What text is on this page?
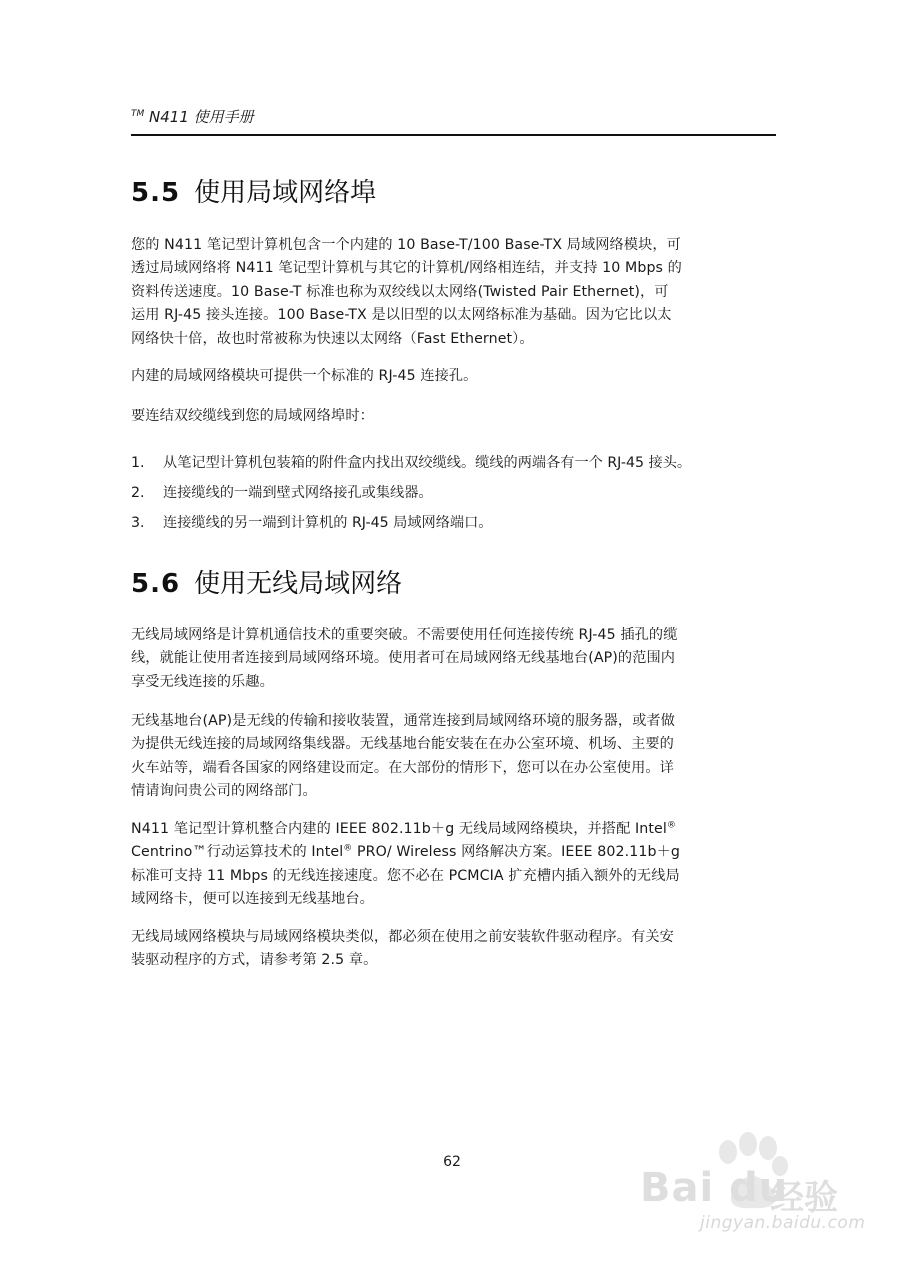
™ N411 使用手册
5.5 使用局域网络埠
您的 N411 笔记型计算机包含一个内建的 10 Base-T/100 Base-TX 局域网络模块，可
透过局域网络将 N411 笔记型计算机与其它的计算机/网络相连结，并支持 10 Mbps 的
资料传送速度。10 Base-T 标准也称为双绞线以太网络(Twisted Pair Ethernet)，可
运用 RJ-45 接头连接。100 Base-TX 是以旧型的以太网络标准为基础。因为它比以太
网络快十倍，故也时常被称为快速以太网络（Fast Ethernet）。
内建的局域网络模块可提供一个标准的 RJ-45 连接孔。
要连结双绞缆线到您的局域网络埠时：
1. 从笔记型计算机包装箱的附件盒内找出双绞缆线。缆线的两端各有一个 RJ-45 接头。
2. 连接缆线的一端到壁式网络接孔或集线器。
3. 连接缆线的另一端到计算机的 RJ-45 局域网络端口。
5.6 使用无线局域网络
无线局域网络是计算机通信技术的重要突破。不需要使用任何连接传统 RJ-45 插孔的缆
线，就能让使用者连接到局域网络环境。使用者可在局域网络无线基地台(AP)的范围内
享受无线连接的乐趣。
无线基地台(AP)是无线的传输和接收装置，通常连接到局域网络环境的服务器，或者做
为提供无线连接的局域网络集线器。无线基地台能安装在在办公室环境、机场、主要的
火车站等，端看各国家的网络建设而定。在大部份的情形下，您可以在办公室使用。详
情请询问贵公司的网络部门。
N411 笔记型计算机整合内建的 IEEE 802.11b＋g 无线局域网络模块，并搭配 Intel®
Centrino™行动运算技术的 Intel® PRO/ Wireless 网络解决方案。IEEE 802.11b＋g
标准可支持 11 Mbps 的无线连接速度。您不必在 PCMCIA 扩充槽内插入额外的无线局
域网络卡，便可以连接到无线基地台。
无线局域网络模块与局域网络模块类似，都必须在使用之前安装软件驱动程序。有关安
装驱动程序的方式，请参考第 2.5 章。
62
Bai du
经验
jingyan.baidu.com
